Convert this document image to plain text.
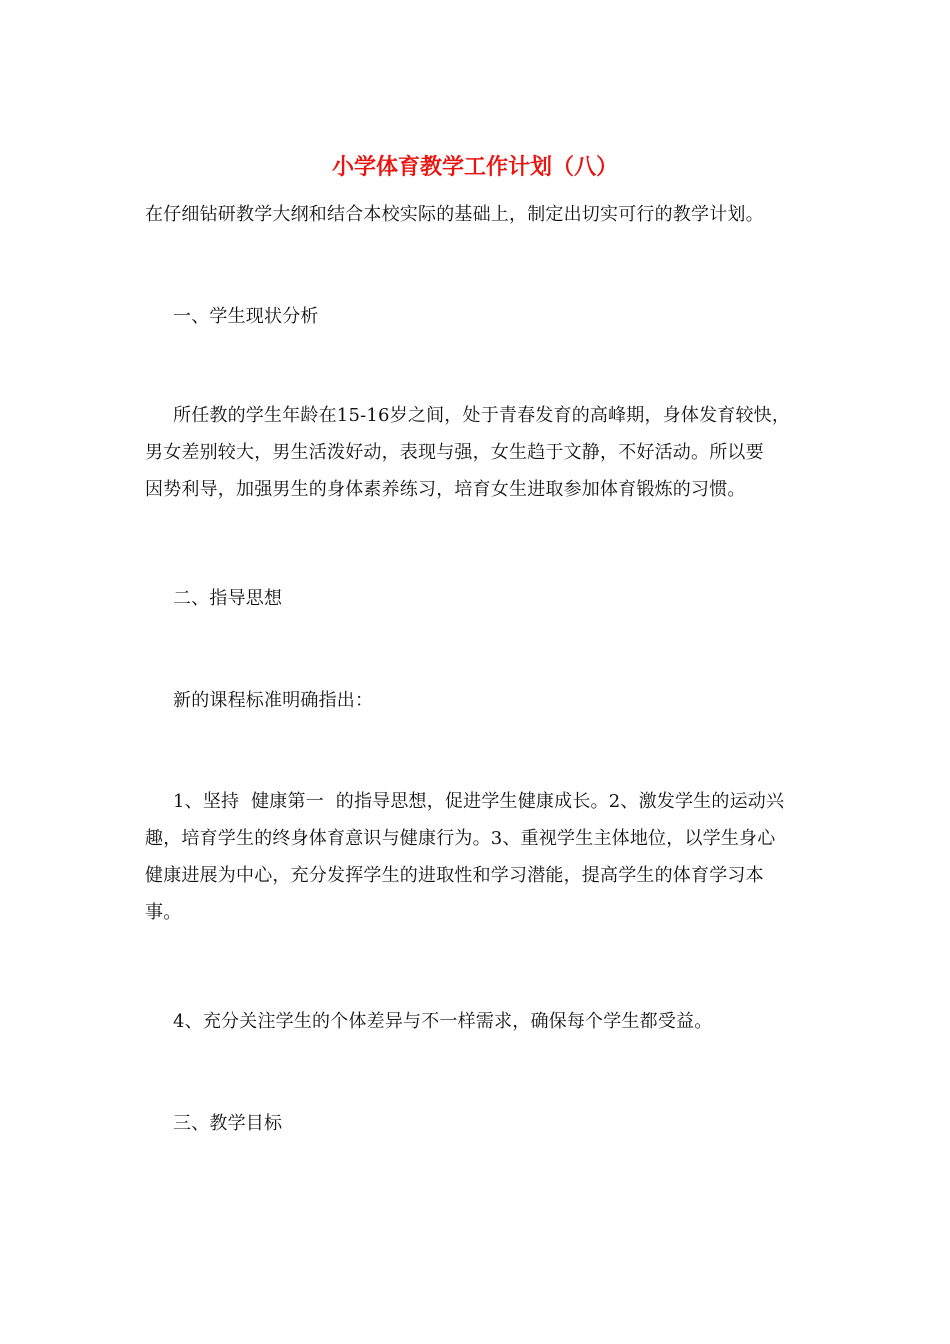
小学体育教学工作计划（八）

在仔细钻研教学大纲和结合本校实际的基础上，制定出切实可行的教学计划。

一、学生现状分析

所任教的学生年龄在15-16岁之间，处于青春发育的高峰期，身体发育较快，
男女差别较大，男生活泼好动，表现与强，女生趋于文静，不好活动。所以要
因势利导，加强男生的身体素养练习，培育女生进取参加体育锻炼的习惯。

二、指导思想

新的课程标准明确指出：

1、坚持  健康第一  的指导思想，促进学生健康成长。2、激发学生的运动兴
趣，培育学生的终身体育意识与健康行为。3、重视学生主体地位，以学生身心
健康进展为中心，充分发挥学生的进取性和学习潜能，提高学生的体育学习本
事。

4、充分关注学生的个体差异与不一样需求，确保每个学生都受益。

三、教学目标
